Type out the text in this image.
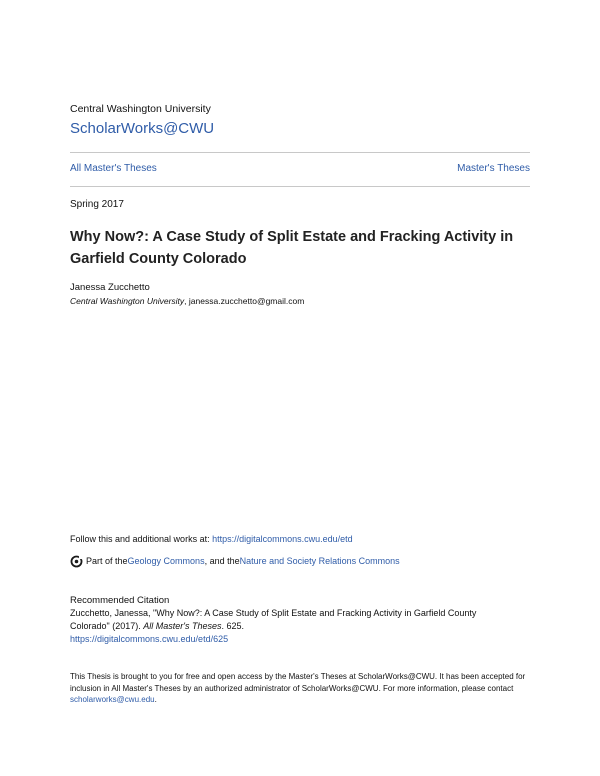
Central Washington University
ScholarWorks@CWU
All Master's Theses	Master's Theses
Spring 2017
Why Now?: A Case Study of Split Estate and Fracking Activity in Garfield County Colorado
Janessa Zucchetto
Central Washington University, janessa.zucchetto@gmail.com
Follow this and additional works at: https://digitalcommons.cwu.edu/etd
Part of the Geology Commons , and the Nature and Society Relations Commons
Recommended Citation
Zucchetto, Janessa, "Why Now?: A Case Study of Split Estate and Fracking Activity in Garfield County
Colorado" (2017). All Master's Theses. 625.
https://digitalcommons.cwu.edu/etd/625
This Thesis is brought to you for free and open access by the Master's Theses at ScholarWorks@CWU. It has been accepted for inclusion in All Master's Theses by an authorized administrator of ScholarWorks@CWU. For more information, please contact scholarworks@cwu.edu.
